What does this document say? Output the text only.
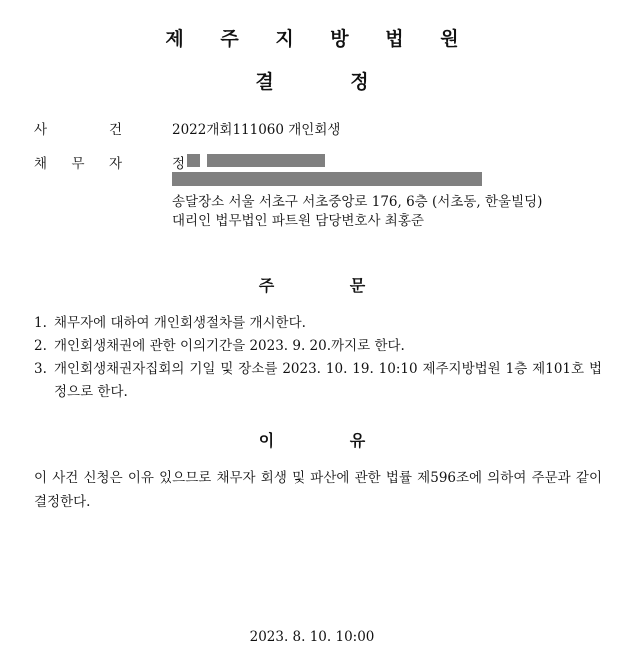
제 주 지 방 법 원
결 정
사	건	2022개회111060 개인회생
채 무 자	정
송달장소 서울 서초구 서초중앙로 176, 6층 (서초동, 한울빌딩)
대리인 법무법인 파트원 담당변호사 최홍준
주 문
1. 채무자에 대하여 개인회생절차를 개시한다.
2. 개인회생채권에 관한 이의기간을 2023. 9. 20.까지로 한다.
3. 개인회생채권자집회의 기일 및 장소를 2023. 10. 19. 10:10 제주지방법원 1층 제101호 법정으로 한다.
이 유
이 사건 신청은 이유 있으므로 채무자 회생 및 파산에 관한 법률 제596조에 의하여 주문과 같이 결정한다.
2023. 8. 10. 10:00
